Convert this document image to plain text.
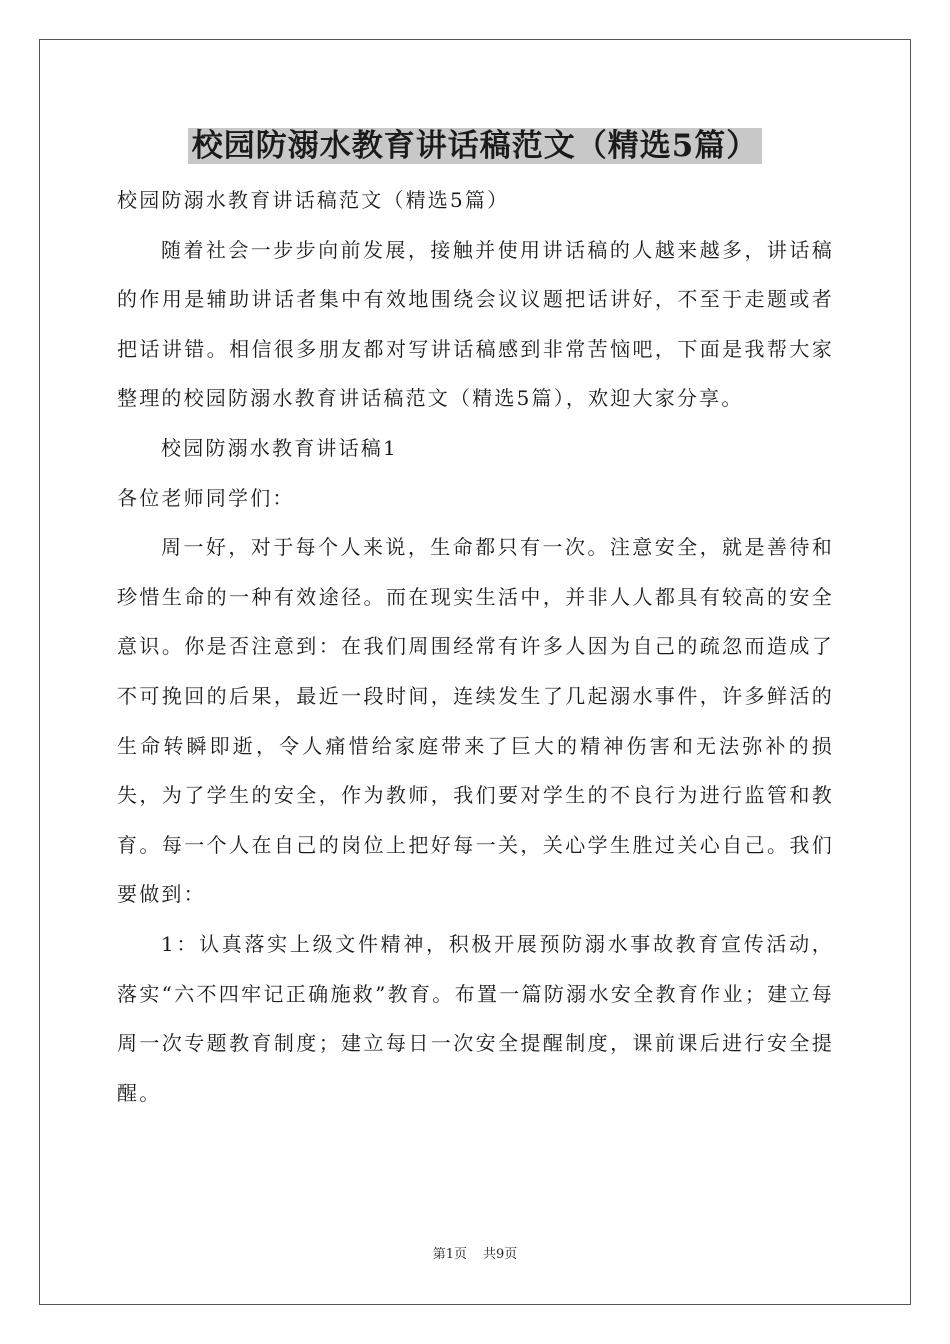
校园防溺水教育讲话稿范文（精选5篇）

校园防溺水教育讲话稿范文（精选5篇）

随着社会一步步向前发展，接触并使用讲话稿的人越来越多，讲话稿的作用是辅助讲话者集中有效地围绕会议议题把话讲好，不至于走题或者把话讲错。相信很多朋友都对写讲话稿感到非常苦恼吧，下面是我帮大家整理的校园防溺水教育讲话稿范文（精选5篇），欢迎大家分享。

校园防溺水教育讲话稿1

各位老师同学们：

周一好，对于每个人来说，生命都只有一次。注意安全，就是善待和珍惜生命的一种有效途径。而在现实生活中，并非人人都具有较高的安全意识。你是否注意到：在我们周围经常有许多人因为自己的疏忽而造成了不可挽回的后果，最近一段时间，连续发生了几起溺水事件，许多鲜活的生命转瞬即逝，令人痛惜给家庭带来了巨大的精神伤害和无法弥补的损失，为了学生的安全，作为教师，我们要对学生的不良行为进行监管和教育。每一个人在自己的岗位上把好每一关，关心学生胜过关心自己。我们要做到：

1：认真落实上级文件精神，积极开展预防溺水事故教育宣传活动，落实“六不四牢记正确施救”教育。布置一篇防溺水安全教育作业；建立每周一次专题教育制度；建立每日一次安全提醒制度，课前课后进行安全提醒。

第1页 共9页
